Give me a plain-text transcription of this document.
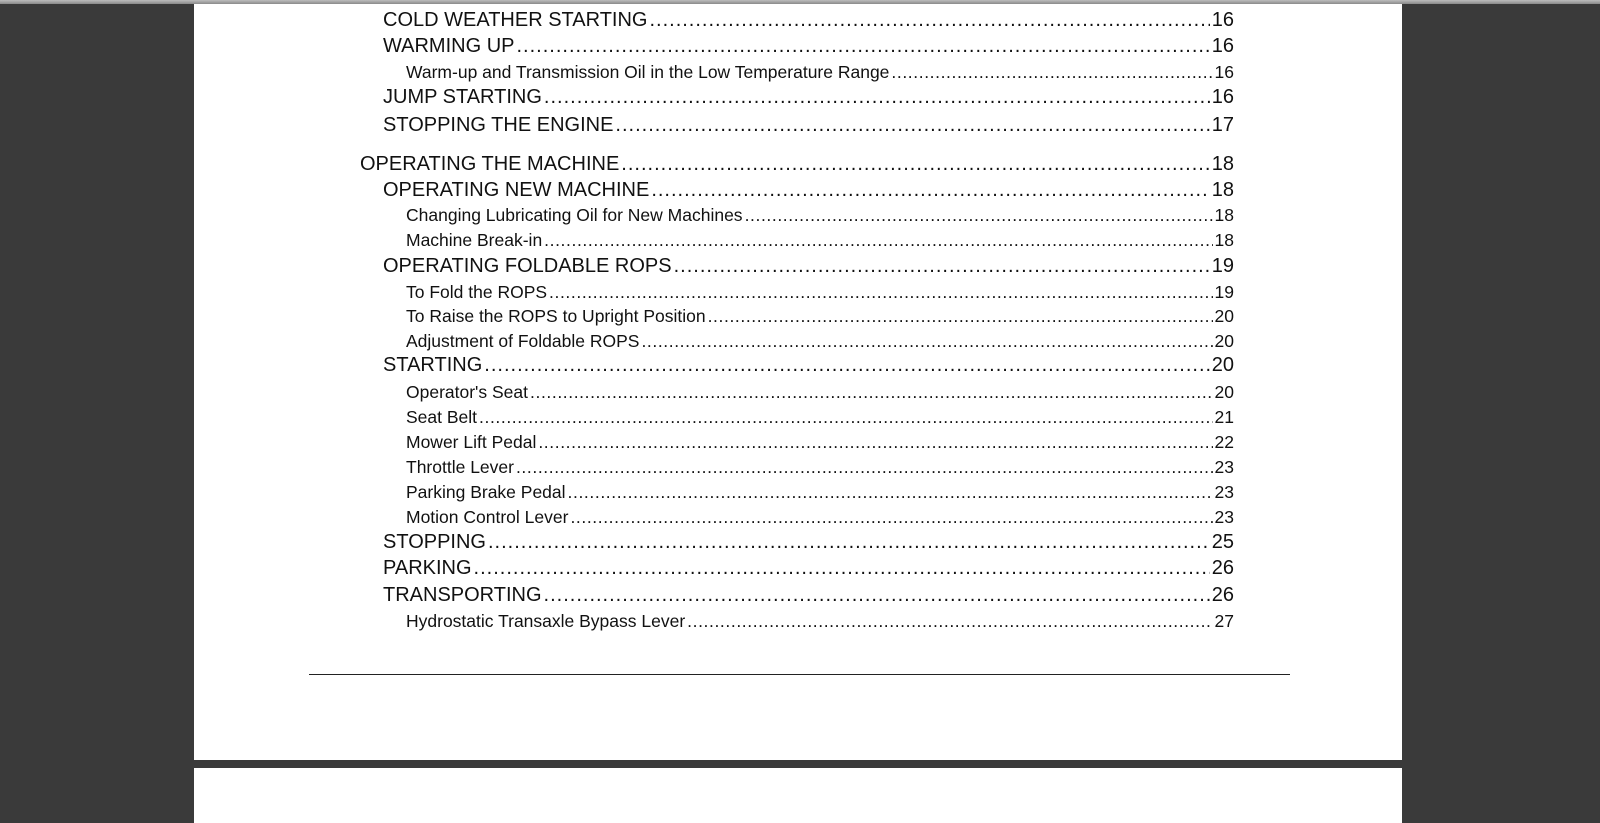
COLD WEATHER STARTING .....	16
WARMING UP .....	16
Warm-up and Transmission Oil in the Low Temperature Range .....	16
JUMP STARTING .....	16
STOPPING THE ENGINE .....	17
OPERATING THE MACHINE .....	18
OPERATING NEW MACHINE .....	18
Changing Lubricating Oil for New Machines .....	18
Machine Break-in .....	18
OPERATING FOLDABLE ROPS .....	19
To Fold the ROPS .....	19
To Raise the ROPS to Upright Position .....	20
Adjustment of Foldable ROPS .....	20
STARTING .....	20
Operator's Seat .....	20
Seat Belt .....	21
Mower Lift Pedal .....	22
Throttle Lever .....	23
Parking Brake Pedal .....	23
Motion Control Lever .....	23
STOPPING .....	25
PARKING .....	26
TRANSPORTING .....	26
Hydrostatic Transaxle Bypass Lever .....	27
